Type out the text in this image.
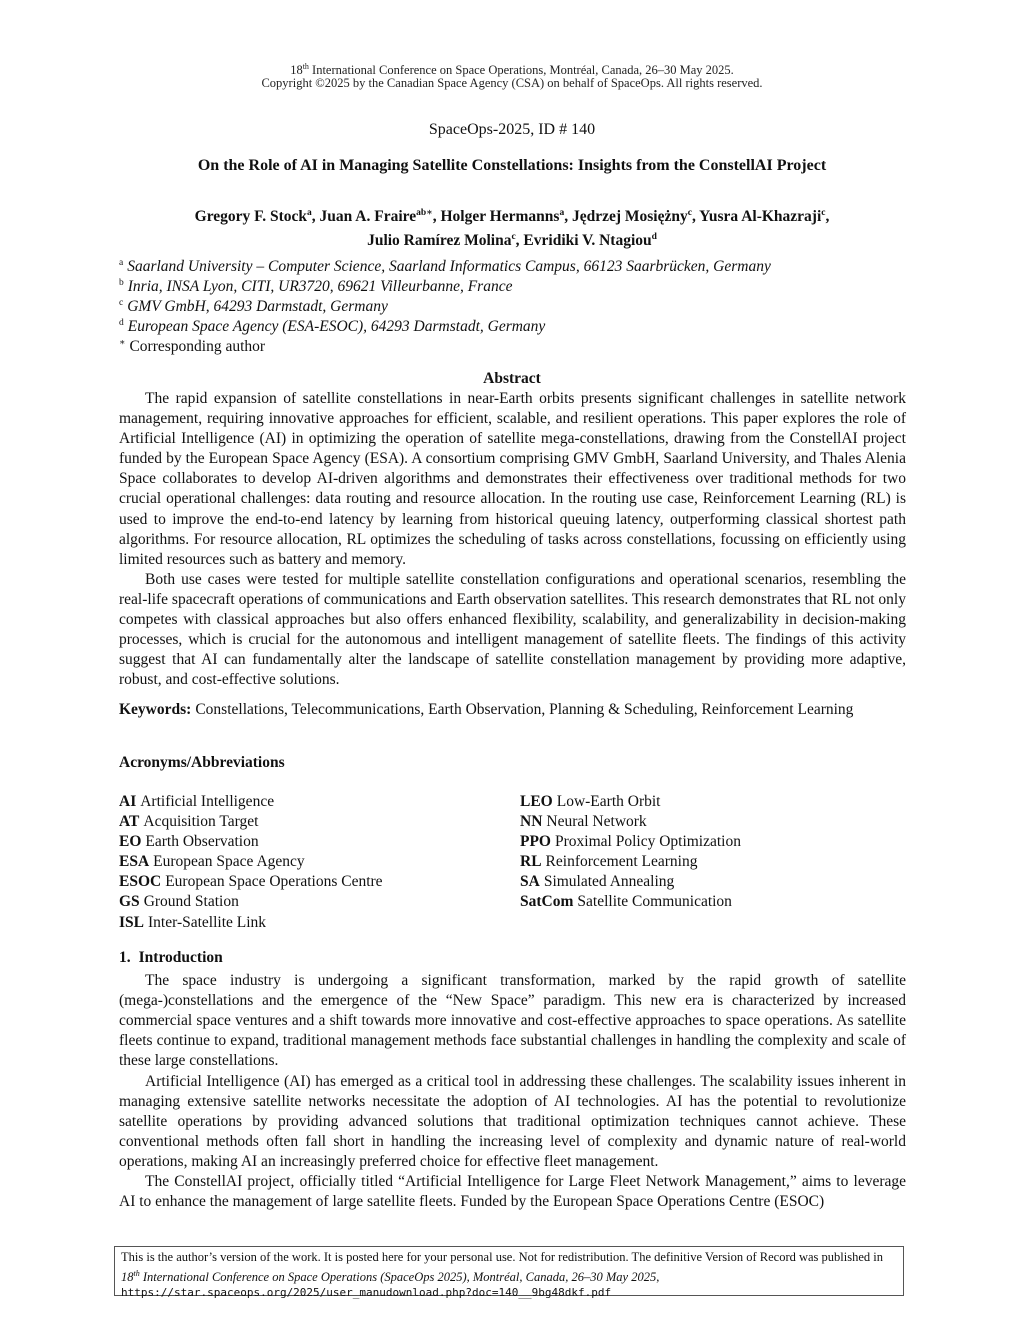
18th International Conference on Space Operations, Montréal, Canada, 26–30 May 2025.
Copyright ©2025 by the Canadian Space Agency (CSA) on behalf of SpaceOps. All rights reserved.
SpaceOps-2025, ID # 140
On the Role of AI in Managing Satellite Constellations: Insights from the ConstellAI Project
Gregory F. Stock$^a$, Juan A. Fraire$^{ab∗}$, Holger Hermanns$^a$, Jędrzej Mosiężny$^c$, Yusra Al-Khazraji$^c$,
Julio Ramírez Molina$^c$, Evridiki V. Ntagiou$^d$
$^a$ Saarland University – Computer Science, Saarland Informatics Campus, 66123 Saarbrücken, Germany
$^b$ Inria, INSA Lyon, CITI, UR3720, 69621 Villeurbanne, France
$^c$ GMV GmbH, 64293 Darmstadt, Germany
$^d$ European Space Agency (ESA-ESOC), 64293 Darmstadt, Germany
∗ Corresponding author
Abstract

The rapid expansion of satellite constellations in near-Earth orbits presents significant challenges in satellite network management, requiring innovative approaches for efficient, scalable, and resilient operations. This paper explores the role of Artificial Intelligence (AI) in optimizing the operation of satellite mega-constellations, drawing from the ConstellAI project funded by the European Space Agency (ESA). A consortium comprising GMV GmbH, Saarland University, and Thales Alenia Space collaborates to develop AI-driven algorithms and demonstrates their effectiveness over traditional methods for two crucial operational challenges: data routing and resource allocation. In the routing use case, Reinforcement Learning (RL) is used to improve the end-to-end latency by learning from historical queuing latency, outperforming classical shortest path algorithms. For resource allocation, RL optimizes the scheduling of tasks across constellations, focussing on efficiently using limited resources such as battery and memory.

Both use cases were tested for multiple satellite constellation configurations and operational scenarios, resembling the real-life spacecraft operations of communications and Earth observation satellites. This research demonstrates that RL not only competes with classical approaches but also offers enhanced flexibility, scalability, and generalizability in decision-making processes, which is crucial for the autonomous and intelligent management of satellite fleets. The findings of this activity suggest that AI can fundamentally alter the landscape of satellite constellation management by providing more adaptive, robust, and cost-effective solutions.

Keywords: Constellations, Telecommunications, Earth Observation, Planning & Scheduling, Reinforcement Learning
Acronyms/Abbreviations
AI Artificial Intelligence
AT Acquisition Target
EO Earth Observation
ESA European Space Agency
ESOC European Space Operations Centre
GS Ground Station
ISL Inter-Satellite Link
LEO Low-Earth Orbit
NN Neural Network
PPO Proximal Policy Optimization
RL Reinforcement Learning
SA Simulated Annealing
SatCom Satellite Communication
1. Introduction

The space industry is undergoing a significant transformation, marked by the rapid growth of satellite (mega-)constellations and the emergence of the “New Space” paradigm. This new era is characterized by increased commercial space ventures and a shift towards more innovative and cost-effective approaches to space operations. As satellite fleets continue to expand, traditional management methods face substantial challenges in handling the complexity and scale of these large constellations.

Artificial Intelligence (AI) has emerged as a critical tool in addressing these challenges. The scalability issues inherent in managing extensive satellite networks necessitate the adoption of AI technologies. AI has the potential to revolutionize satellite operations by providing advanced solutions that traditional optimization techniques cannot achieve. These conventional methods often fall short in handling the increasing level of complexity and dynamic nature of real-world operations, making AI an increasingly preferred choice for effective fleet management.

The ConstellAI project, officially titled “Artificial Intelligence for Large Fleet Network Management,” aims to leverage AI to enhance the management of large satellite fleets. Funded by the European Space Operations Centre (ESOC)

This is the author’s version of the work. It is posted here for your personal use. Not for redistribution. The definitive Version of Record was published in 18th International Conference on Space Operations (SpaceOps 2025), Montréal, Canada, 26–30 May 2025, https://star.spaceops.org/2025/user_manudownload.php?doc=140__9bg48dkf.pdf
